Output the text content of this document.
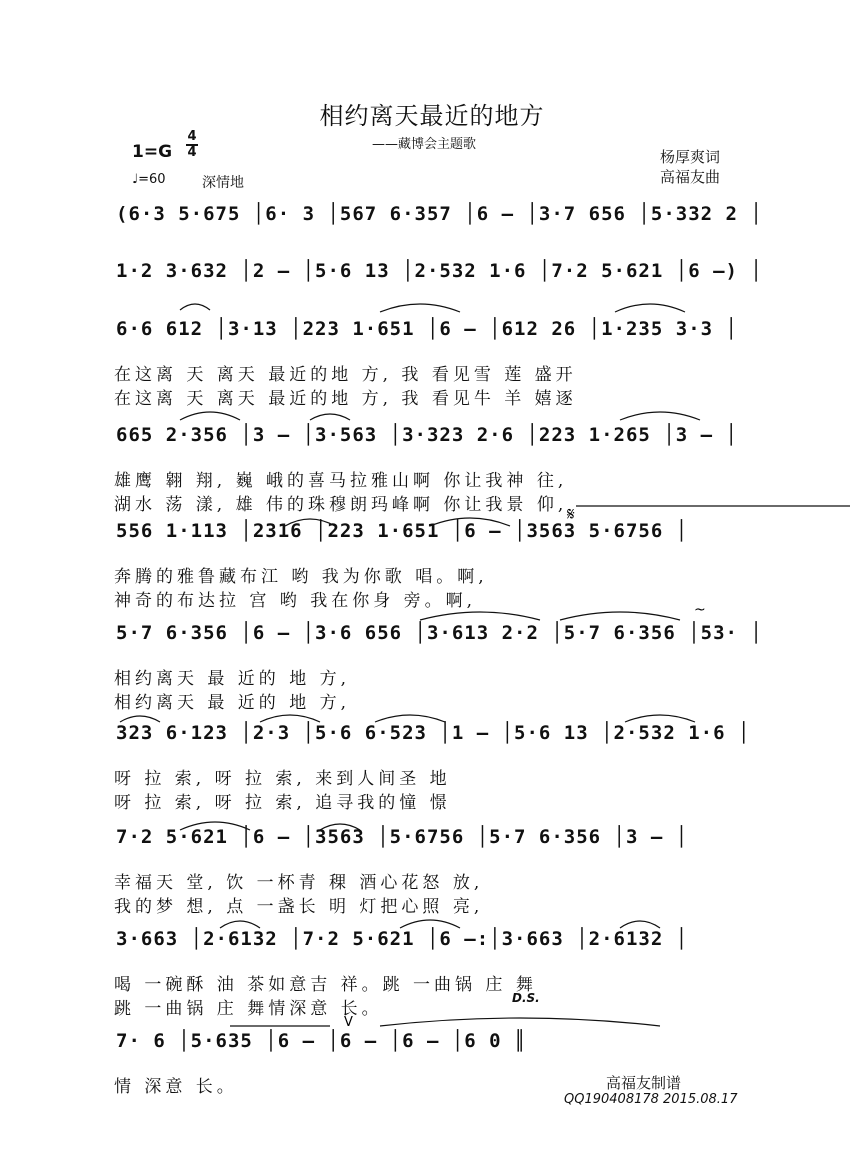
相约离天最近的地方
——藏博会主题歌
1=G
4
4
♩=60	深情地
杨厚爽词
高福友曲
(6·3 5·675 │6· 3 │567 6·357 │6 – │3·7 656 │5·332 2 │
1·2 3·632 │2 – │5·6 13 │2·532 1·6 │7·2 5·621 │6 –) │
6·6 612 │3·13 │223 1·651 │6 – │612 26 │1·235 3·3 │
在这离 天 离天 最近的地 方, 我 看见雪 莲 盛开
在这离 天 离天 最近的地 方, 我 看见牛 羊 嬉逐
665 2·356 │3 – │3·563 │3·323 2·6 │223 1·265 │3 – │
雄鹰 翱 翔, 巍 峨的喜马拉雅山啊 你让我神 往,
湖水 荡 漾, 雄 伟的珠穆朗玛峰啊 你让我景 仰,
556 1·113 │2316 │223 1·651 │6 – │3563 5·6756 │
奔腾的雅鲁藏布江 哟 我为你歌 唱。啊,
神奇的布达拉 宫 哟 我在你身 旁。啊,
5·7 6·356 │6 – │3·6 656 │3·613 2·2 │5·7 6·356 │53· │
相约离天 最 近的 地 方,
相约离天 最 近的 地 方,
323 6·123 │2·3 │5·6 6·523 │1 – │5·6 13 │2·532 1·6 │
呀 拉 索, 呀 拉 索, 来到人间圣 地
呀 拉 索, 呀 拉 索, 追寻我的憧 憬
7·2 5·621 │6 – │3563 │5·6756 │5·7 6·356 │3 – │
幸福天 堂, 饮 一杯青 稞 酒心花怒 放,
我的梦 想, 点 一盏长 明 灯把心照 亮,
3·663 │2·6132 │7·2 5·621 │6 –:│3·663 │2·6132 │
喝 一碗酥 油 茶如意吉 祥。跳 一曲锅 庄 舞
跳 一曲锅 庄 舞情深意 长。
7· 6 │5·635 │6 – │6 – │6 – │6 0 ║
情 深意 长。
D.S.
高福友制谱
QQ190408178 2015.08.17
𝄋
V
~
